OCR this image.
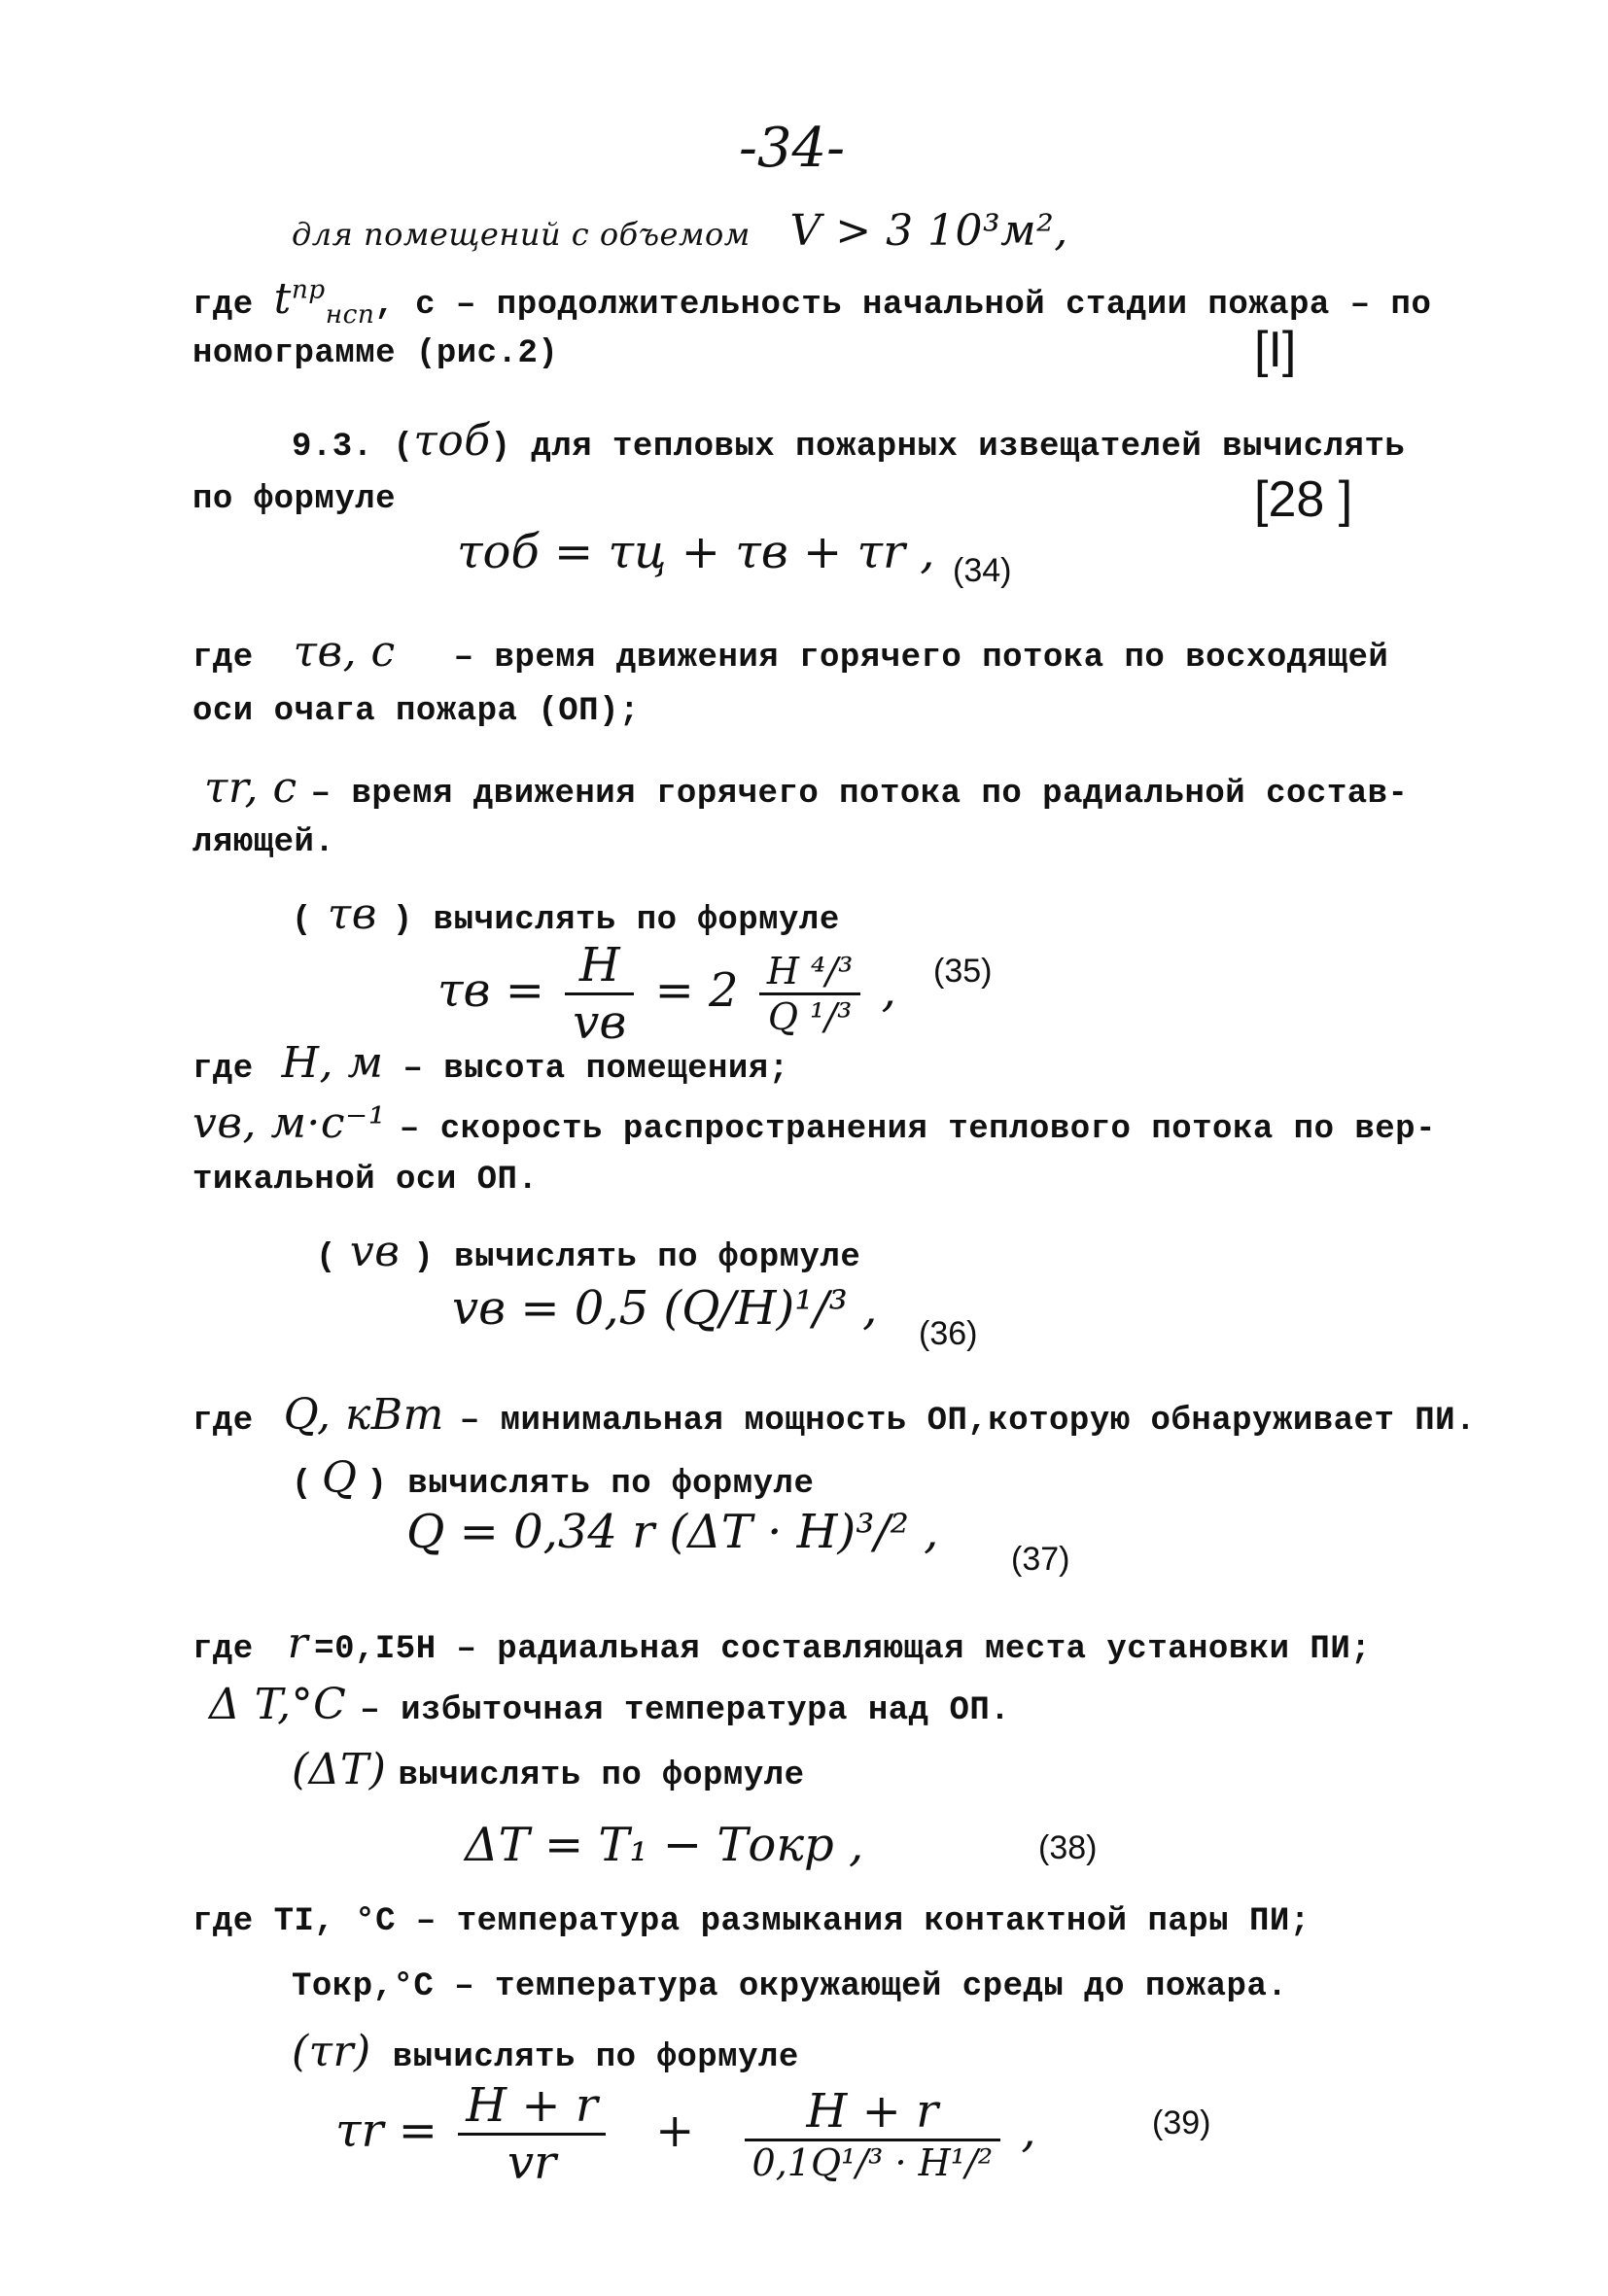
-34-
для помещений с объемом V > 3 10³м²,
где $t^{пр}_{нсп}$, с – продолжительность начальной стадии пожара – по
номограмме (рис.2)	[I]
9.3. (τоб) для тепловых пожарных извещателей вычислять
по формуле	[28 ]
τоб = τц + τв + τr , (34)
где τв, с – время движения горячего потока по восходящей
оси очага пожара (ОП);
τr, c – время движения горячего потока по радиальной состав-
ляющей.
( τв ) вычислять по формуле
$\tau в = \frac{H}{vв} = 2 \frac{\text{H ⁴/³}}{\text{Q ¹/³}}$ , (35)
где H, м – высота помещения;
vв, м·с⁻¹ – скорость распространения теплового потока по вер-
тикальной оси ОП.
( vв ) вычислять по формуле
vв = 0,5 (Q/H)¹/³ , (36)
где Q, кВт – минимальная мощность ОП,которую обнаруживает ПИ.
( Q ) вычислять по формуле
Q = 0,34 r (ΔT · H)³/² , (37)
где r =0,I5H – радиальная составляющая места установки ПИ;
Δ T,°C – избыточная температура над ОП.
(ΔT) вычислять по формуле
ΔT = T₁ − Tокр ,	(38)
где TI, °C – температура размыкания контактной пары ПИ;
Токр,°С – температура окружающей среды до пожара.
(τr) вычислять по формуле
$\tau r = \frac{H + r}{vr} + \frac{H + r}{\text{0,1Q¹/³ · H¹/²}}$ ,	(39)
